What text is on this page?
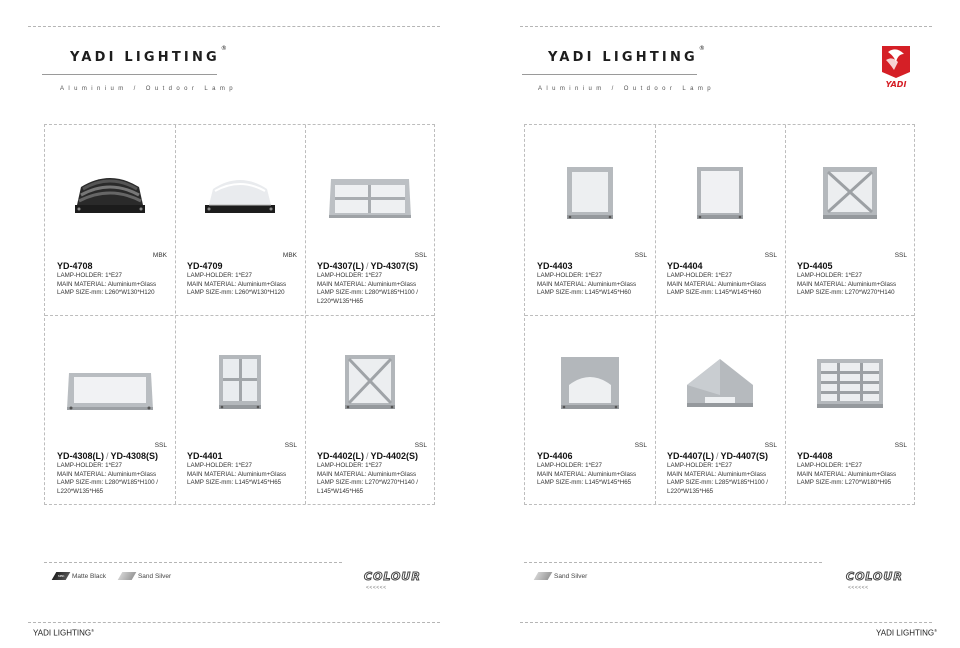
YADI LIGHTING®
Aluminium / Outdoor Lamp
YADI LIGHTING®
Aluminium / Outdoor Lamp	YADI
MBK
YD-4708
LAMP-HOLDER: 1*E27
MAIN MATERIAL: Aluminium+Glass
LAMP SIZE-mm: L260*W130*H120
MBK
YD-4709
LAMP-HOLDER: 1*E27
MAIN MATERIAL: Aluminium+Glass
LAMP SIZE-mm: L260*W130*H120
SSL
YD-4307(L) / YD-4307(S)
LAMP-HOLDER: 1*E27
MAIN MATERIAL: Aluminium+Glass
LAMP SIZE-mm: L280*W185*H100 /
L220*W135*H65
SSL
YD-4308(L) / YD-4308(S)
LAMP-HOLDER: 1*E27
MAIN MATERIAL: Aluminium+Glass
LAMP SIZE-mm: L280*W185*H100 /
L220*W135*H65
SSL
YD-4401
LAMP-HOLDER: 1*E27
MAIN MATERIAL: Aluminium+Glass
LAMP SIZE-mm: L145*W145*H65
SSL
YD-4402(L) / YD-4402(S)
LAMP-HOLDER: 1*E27
MAIN MATERIAL: Aluminium+Glass
LAMP SIZE-mm: L270*W270*H140 /
L145*W145*H65
SSL
YD-4403
LAMP-HOLDER: 1*E27
MAIN MATERIAL: Aluminium+Glass
LAMP SIZE-mm: L145*W145*H60
SSL
YD-4404
LAMP-HOLDER: 1*E27
MAIN MATERIAL: Aluminium+Glass
LAMP SIZE-mm: L145*W145*H60
SSL
YD-4405
LAMP-HOLDER: 1*E27
MAIN MATERIAL: Aluminium+Glass
LAMP SIZE-mm: L270*W270*H140
SSL
YD-4406
LAMP-HOLDER: 1*E27
MAIN MATERIAL: Aluminium+Glass
LAMP SIZE-mm: L145*W145*H65
SSL
YD-4407(L) / YD-4407(S)
LAMP-HOLDER: 1*E27
MAIN MATERIAL: Aluminium+Glass
LAMP SIZE-mm: L285*W185*H100 /
L220*W135*H65
SSL
YD-4408
LAMP-HOLDER: 1*E27
MAIN MATERIAL: Aluminium+Glass
LAMP SIZE-mm: L270*W180*H95
MBK	Matte Black	Sand Silver	COLOUR
<<<<<<
Sand Silver	COLOUR
<<<<<<
YADI LIGHTING®	YADI LIGHTING®
